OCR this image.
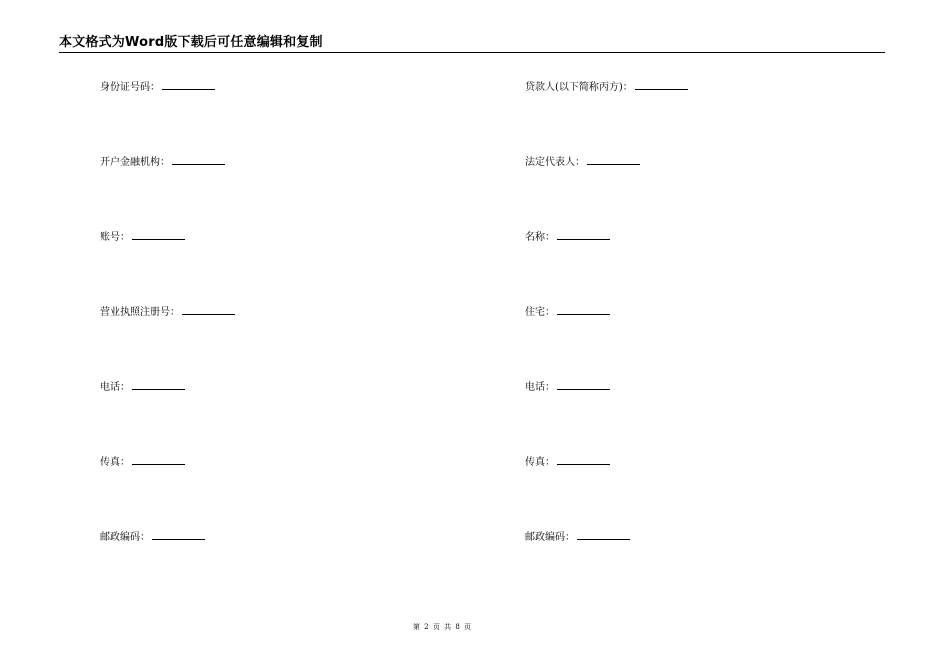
本文格式为Word版下载后可任意编辑和复制
身份证号码：
开户金融机构：
账号：
营业执照注册号：
电话：
传真：
邮政编码：
贷款人(以下简称丙方)：
法定代表人：
名称：
住宅：
电话：
传真：
邮政编码：
第 2 页 共 8 页
